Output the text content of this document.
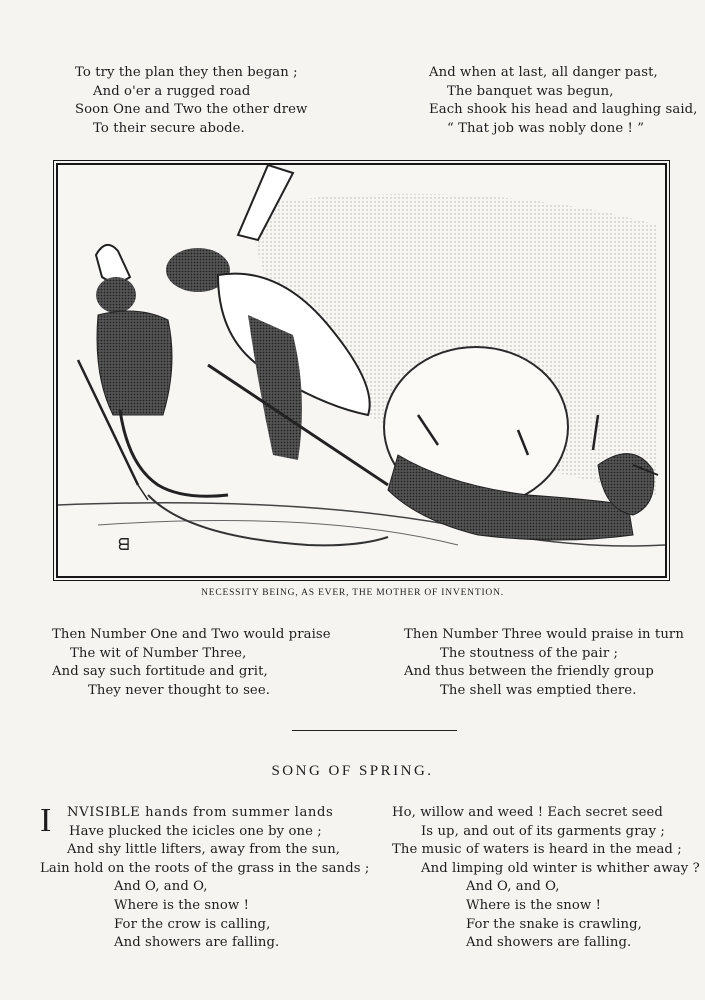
To try the plan they then began ;
And o'er a rugged road
Soon One and Two the other drew
To their secure abode.
And when at last, all danger past,
The banquet was begun,
Each shook his head and laughing said,
“ That job was nobly done ! ”
ᗺ
NECESSITY BEING, AS EVER, THE MOTHER OF INVENTION.
Then Number One and Two would praise
The wit of Number Three,
And say such fortitude and grit,
They never thought to see.
Then Number Three would praise in turn
The stoutness of the pair ;
And thus between the friendly group
The shell was emptied there.
SONG OF SPRING.
I	NVISIBLE hands from summer lands
Have plucked the icicles one by one ;
And shy little lifters, away from the sun,
Lain hold on the roots of the grass in the sands ;
And O, and O,
Where is the snow !
For the crow is calling,
And showers are falling.
Ho, willow and weed ! Each secret seed
Is up, and out of its garments gray ;
The music of waters is heard in the mead ;
And limping old winter is whither away ?
And O, and O,
Where is the snow !
For the snake is crawling,
And showers are falling.
